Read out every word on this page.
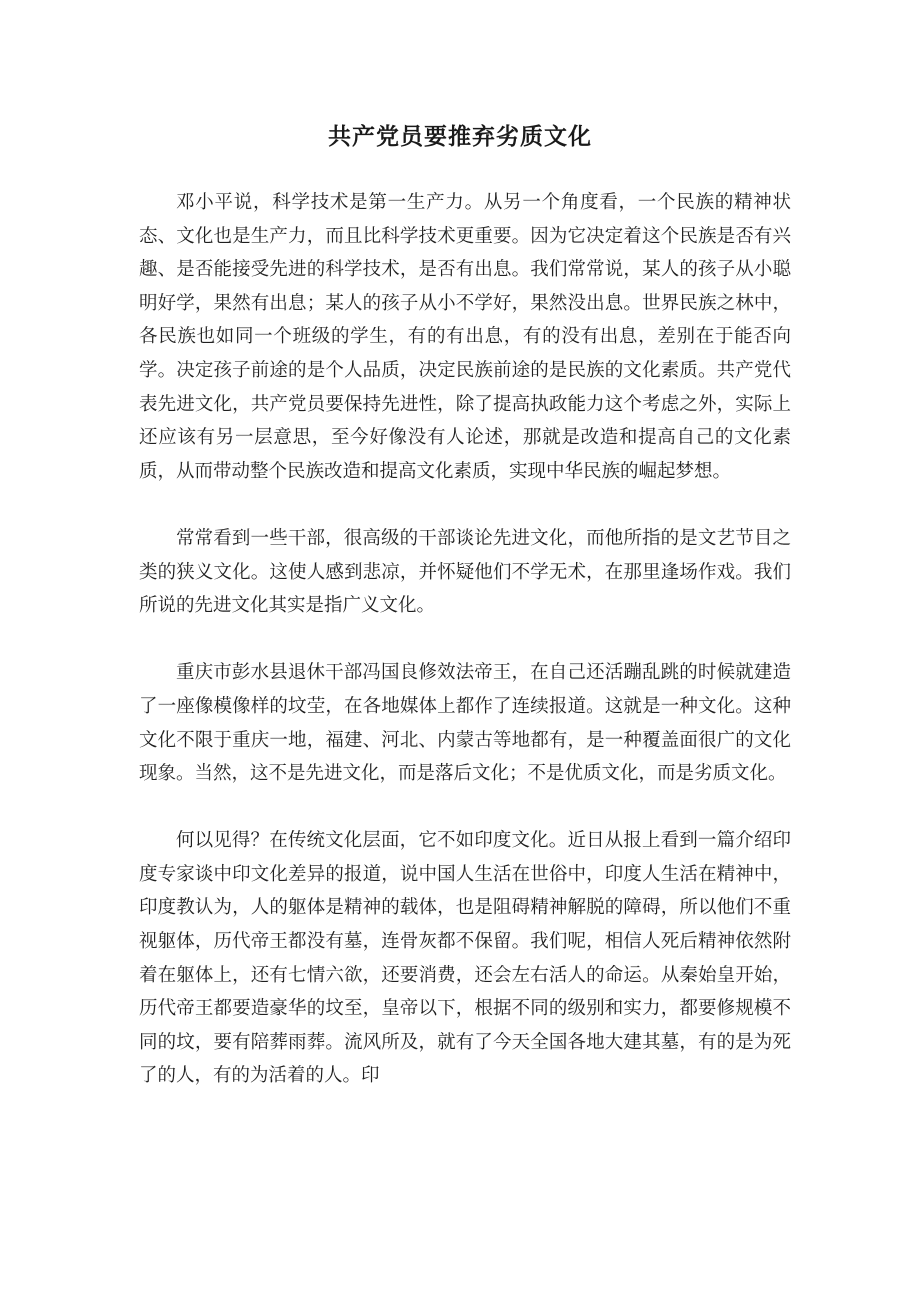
共产党员要推弃劣质文化

邓小平说，科学技术是第一生产力。从另一个角度看，一个民族的精神状态、文化也是生产力，而且比科学技术更重要。因为它决定着这个民族是否有兴趣、是否能接受先进的科学技术，是否有出息。我们常常说，某人的孩子从小聪明好学，果然有出息；某人的孩子从小不学好，果然没出息。世界民族之林中，各民族也如同一个班级的学生，有的有出息，有的没有出息，差别在于能否向学。决定孩子前途的是个人品质，决定民族前途的是民族的文化素质。共产党代表先进文化，共产党员要保持先进性，除了提高执政能力这个考虑之外，实际上还应该有另一层意思，至今好像没有人论述，那就是改造和提高自己的文化素质，从而带动整个民族改造和提高文化素质，实现中华民族的崛起梦想。

常常看到一些干部，很高级的干部谈论先进文化，而他所指的是文艺节目之类的狭义文化。这使人感到悲凉，并怀疑他们不学无术，在那里逢场作戏。我们所说的先进文化其实是指广义文化。

重庆市彭水县退休干部冯国良修效法帝王，在自己还活蹦乱跳的时候就建造了一座像模像样的坟茔，在各地媒体上都作了连续报道。这就是一种文化。这种文化不限于重庆一地，福建、河北、内蒙古等地都有，是一种覆盖面很广的文化现象。当然，这不是先进文化，而是落后文化；不是优质文化，而是劣质文化。

何以见得？在传统文化层面，它不如印度文化。近日从报上看到一篇介绍印度专家谈中印文化差异的报道，说中国人生活在世俗中，印度人生活在精神中，印度教认为，人的躯体是精神的载体，也是阻碍精神解脱的障碍，所以他们不重视躯体，历代帝王都没有墓，连骨灰都不保留。我们呢，相信人死后精神依然附着在躯体上，还有七情六欲，还要消费，还会左右活人的命运。从秦始皇开始，历代帝王都要造豪华的坟至，皇帝以下，根据不同的级别和实力，都要修规模不同的坟，要有陪葬雨葬。流风所及，就有了今天全国各地大建其墓，有的是为死了的人，有的为活着的人。印
